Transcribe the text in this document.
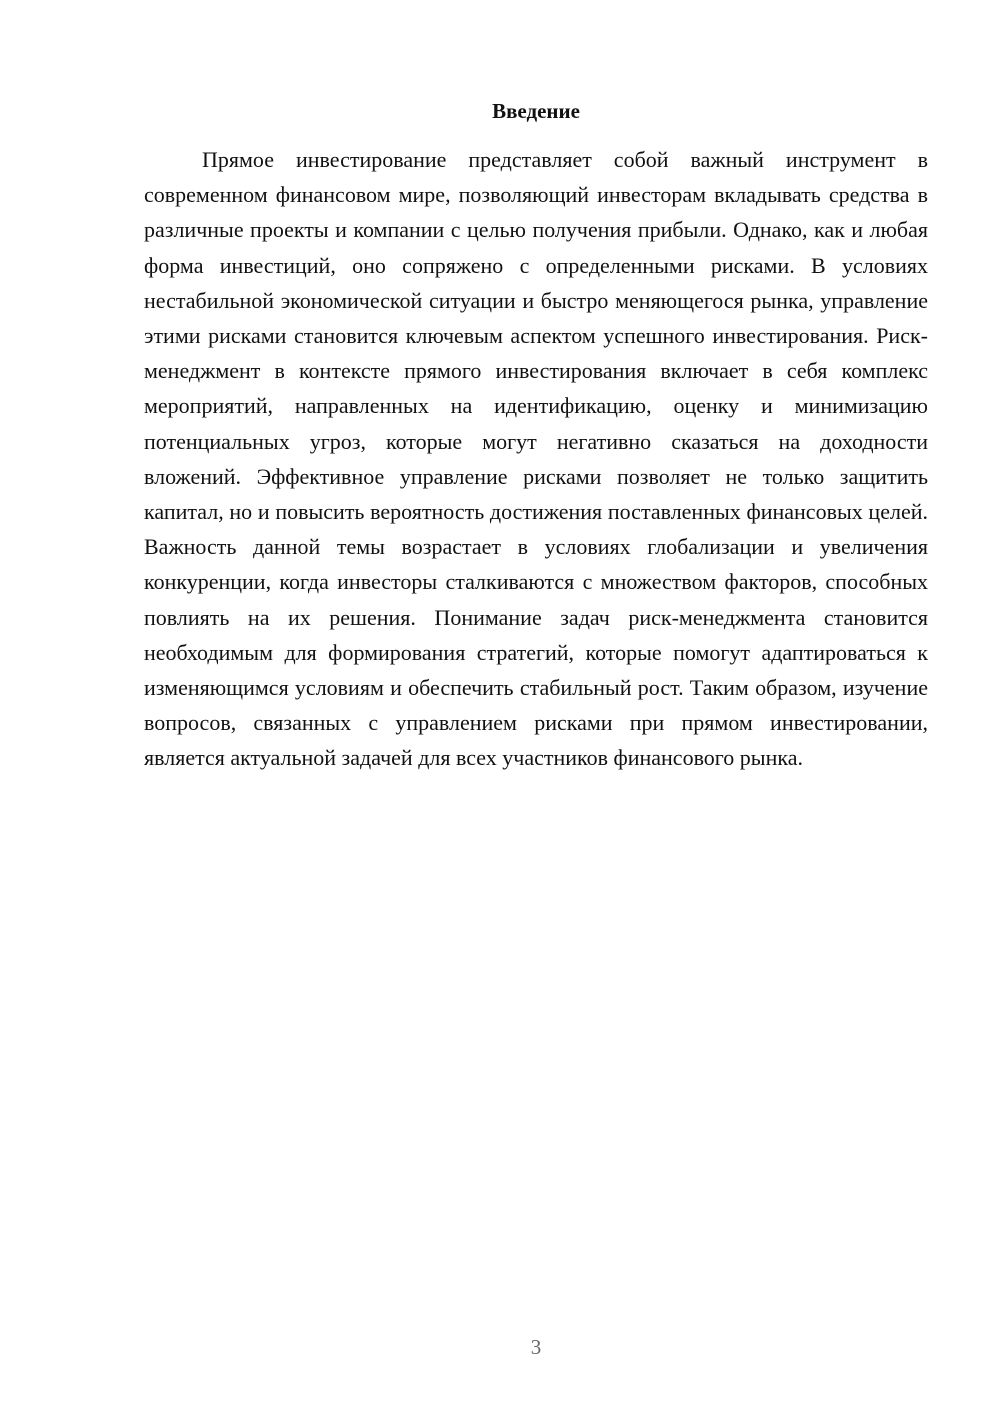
Введение

Прямое инвестирование представляет собой важный инструмент в современном финансовом мире, позволяющий инвесторам вкладывать средства в различные проекты и компании с целью получения прибыли. Однако, как и любая форма инвестиций, оно сопряжено с определенными рисками. В условиях нестабильной экономической ситуации и быстро меняющегося рынка, управление этими рисками становится ключевым аспектом успешного инвестирования. Риск-менеджмент в контексте прямого инвестирования включает в себя комплекс мероприятий, направленных на идентификацию, оценку и минимизацию потенциальных угроз, которые могут негативно сказаться на доходности вложений. Эффективное управление рисками позволяет не только защитить капитал, но и повысить вероятность достижения поставленных финансовых целей. Важность данной темы возрастает в условиях глобализации и увеличения конкуренции, когда инвесторы сталкиваются с множеством факторов, способных повлиять на их решения. Понимание задач риск-менеджмента становится необходимым для формирования стратегий, которые помогут адаптироваться к изменяющимся условиям и обеспечить стабильный рост. Таким образом, изучение вопросов, связанных с управлением рисками при прямом инвестировании, является актуальной задачей для всех участников финансового рынка.

3
